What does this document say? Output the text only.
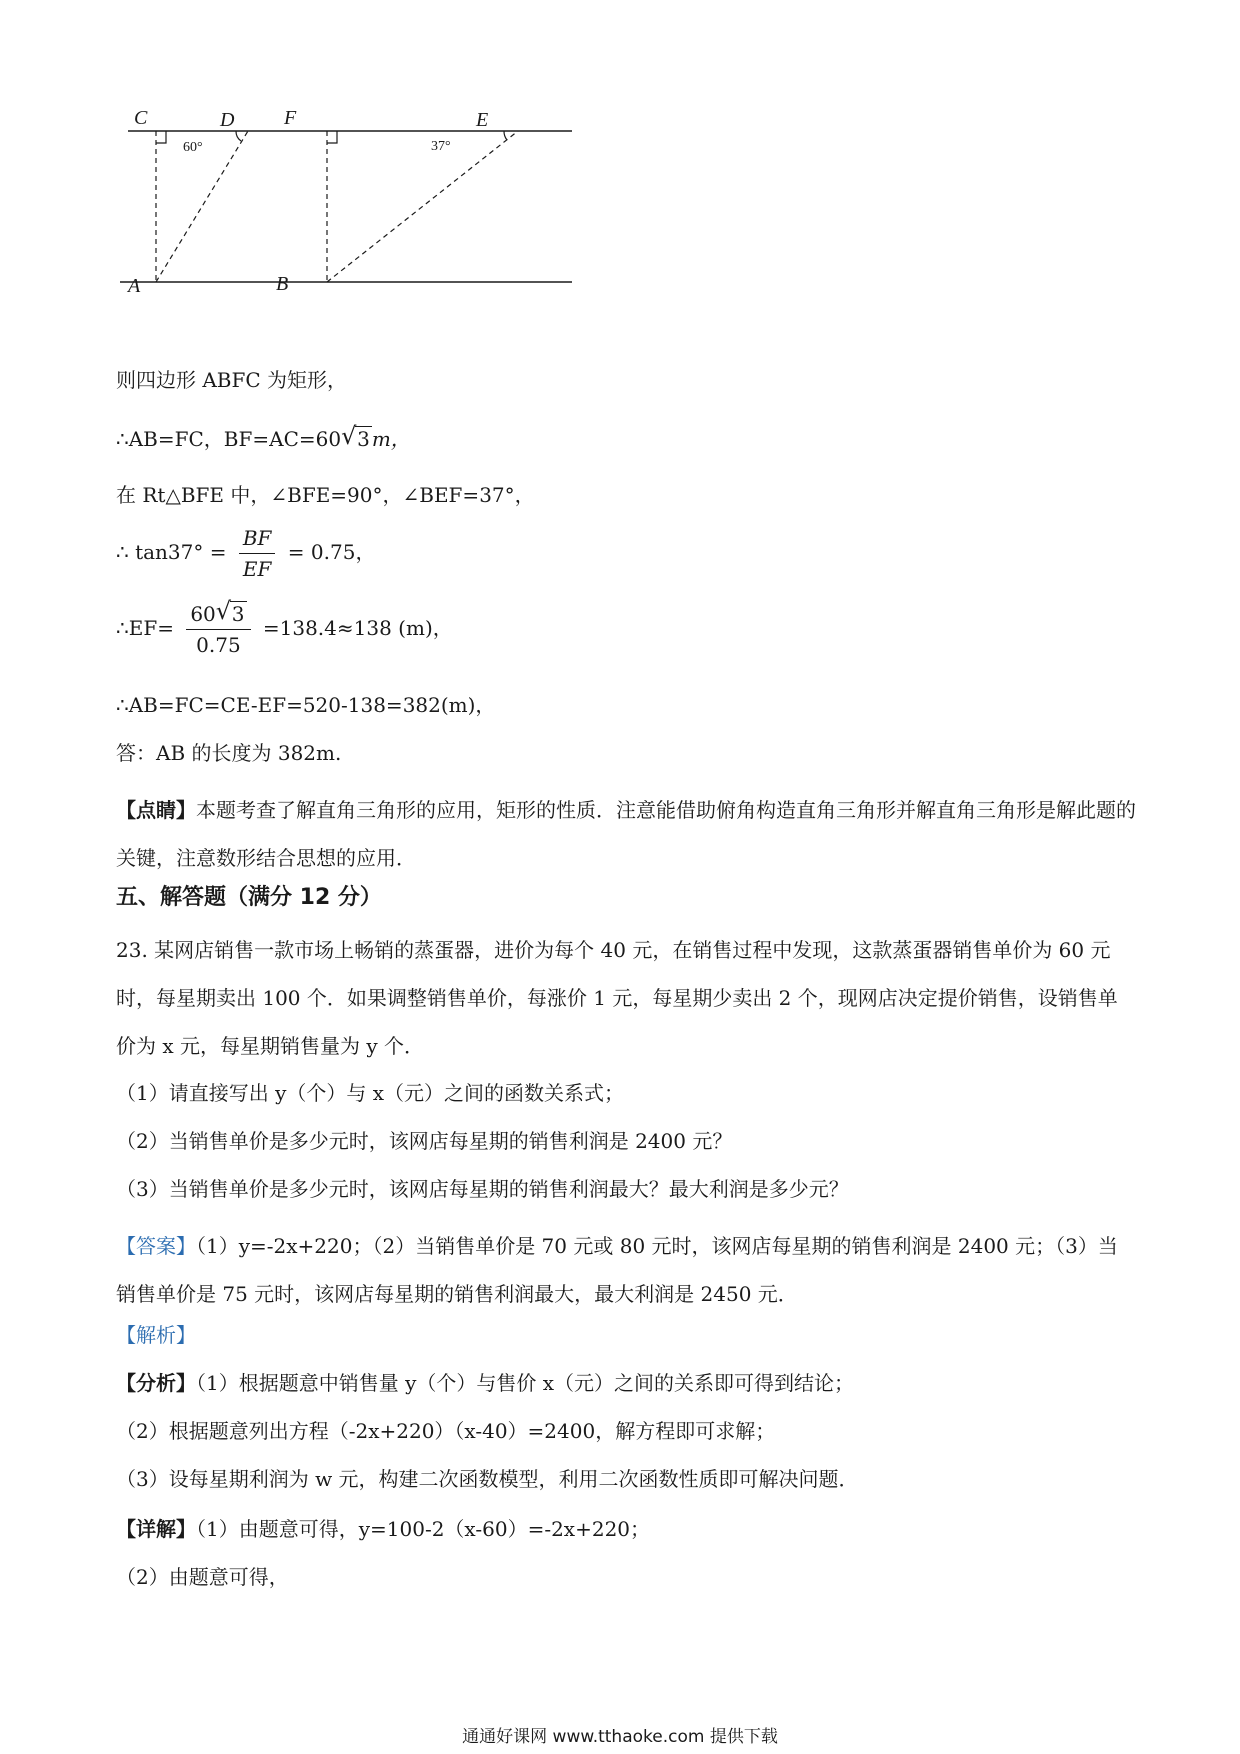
C	D F	E
A	B
60°	37°
则四边形 ABFC 为矩形，
∴AB=FC，BF=AC=60 √ 3 m，
在 Rt△BFE 中，∠BFE=90°，∠BEF=37°，
∴ $\tan 37^\circ = \frac{BF}{EF} = 0.75$，
∴EF= $\frac{60 √ 3}{0.75} =138.4\approx 138$ (m)，
∴AB=FC=CE-EF=520-138=382(m)，
答：AB 的长度为 382m.
【点睛】本题考查了解直角三角形的应用，矩形的性质．注意能借助俯角构造直角三角形并解直角三角形是解此题的关键，注意数形结合思想的应用．
五、解答题（满分 12 分）
23. 某网店销售一款市场上畅销的蒸蛋器，进价为每个 40 元，在销售过程中发现，这款蒸蛋器销售单价为 60 元时，每星期卖出 100 个．如果调整销售单价，每涨价 1 元，每星期少卖出 2 个，现网店决定提价销售，设销售单价为 x 元，每星期销售量为 y 个．
（1）请直接写出 y（个）与 x（元）之间的函数关系式；
（2）当销售单价是多少元时，该网店每星期的销售利润是 2400 元？
（3）当销售单价是多少元时，该网店每星期的销售利润最大？最大利润是多少元？
【答案】（1）y=-2x+220；（2）当销售单价是 70 元或 80 元时，该网店每星期的销售利润是 2400 元；（3）当销售单价是 75 元时，该网店每星期的销售利润最大，最大利润是 2450 元．
【解析】
【分析】（1）根据题意中销售量 y（个）与售价 x（元）之间的关系即可得到结论；
（2）根据题意列出方程（-2x+220）（x-40）=2400，解方程即可求解；
（3）设每星期利润为 w 元，构建二次函数模型，利用二次函数性质即可解决问题．
【详解】（1）由题意可得，y=100-2（x-60）=-2x+220；
（2）由题意可得，
通通好课网 www.tthaoke.com 提供下载
